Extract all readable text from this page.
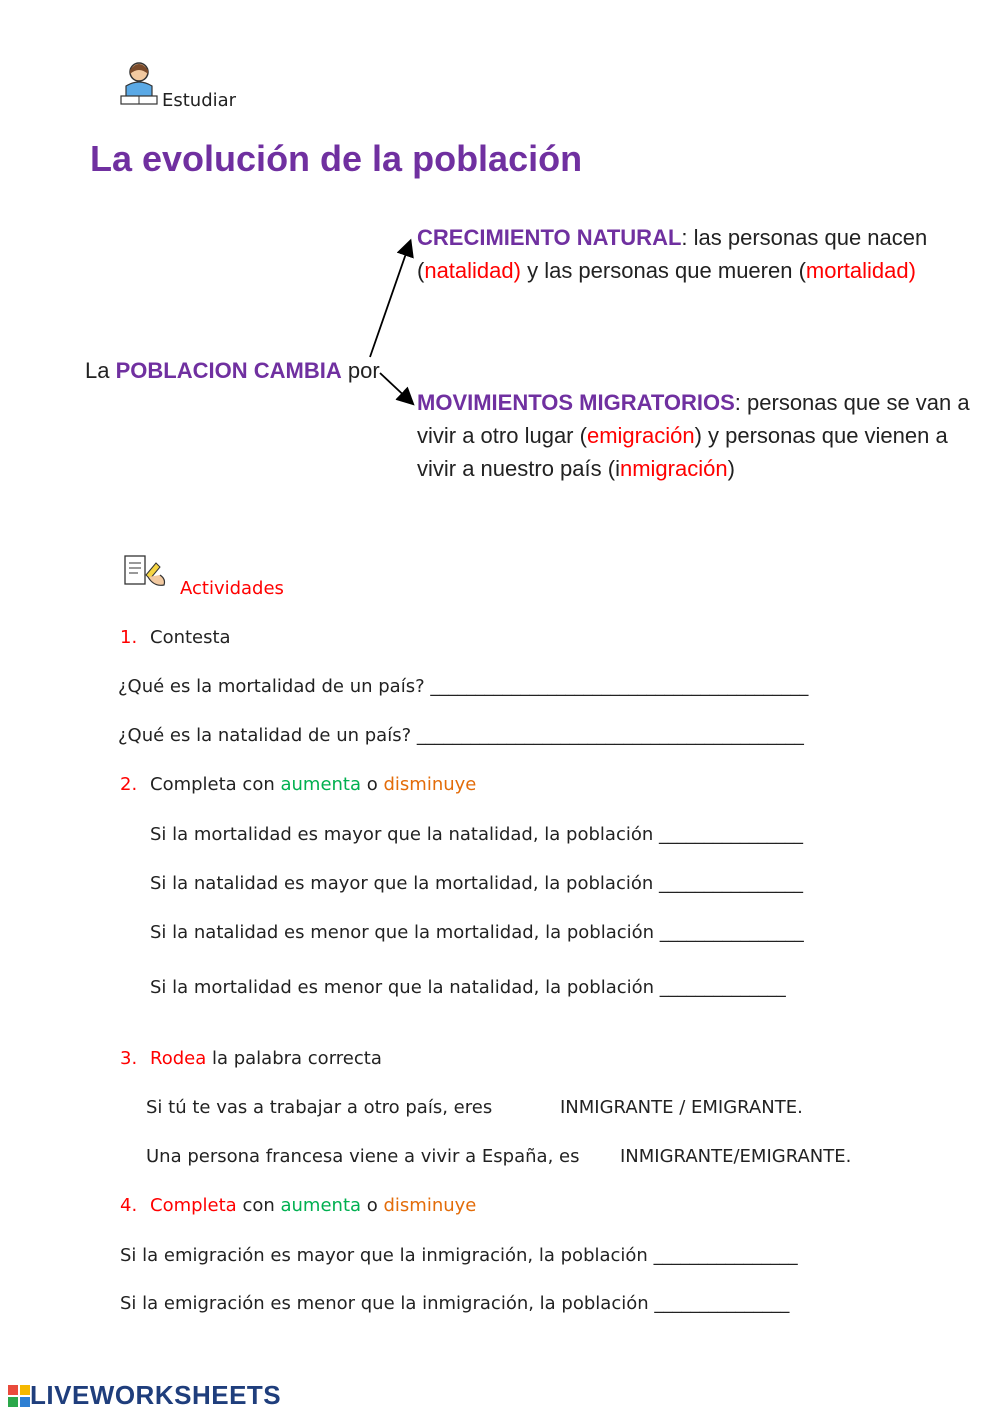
Estudiar
La evolución de la población
La POBLACION CAMBIA por
CRECIMIENTO NATURAL: las personas que nacen (natalidad) y las personas que mueren (mortalidad)
MOVIMIENTOS MIGRATORIOS: personas que se van a vivir a otro lugar (emigración) y personas que vienen a vivir a nuestro país (inmigración)
Actividades
1. Contesta
¿Qué es la mortalidad de un país? __________________________________________
¿Qué es la natalidad de un país? ___________________________________________
2. Completa con aumenta o disminuye
Si la mortalidad es mayor que la natalidad, la población ________________
Si la natalidad es mayor que la mortalidad, la población ________________
Si la natalidad es menor que la mortalidad, la población ________________
Si la mortalidad es menor que la natalidad, la población ______________
3. Rodea la palabra correcta
Si tú te vas a trabajar a otro país, eres	INMIGRANTE / EMIGRANTE.
Una persona francesa viene a vivir a España, es INMIGRANTE/EMIGRANTE.
4. Completa con aumenta o disminuye
Si la emigración es mayor que la inmigración, la población ________________
Si la emigración es menor que la inmigración, la población _______________
LIVEWORKSHEETS
